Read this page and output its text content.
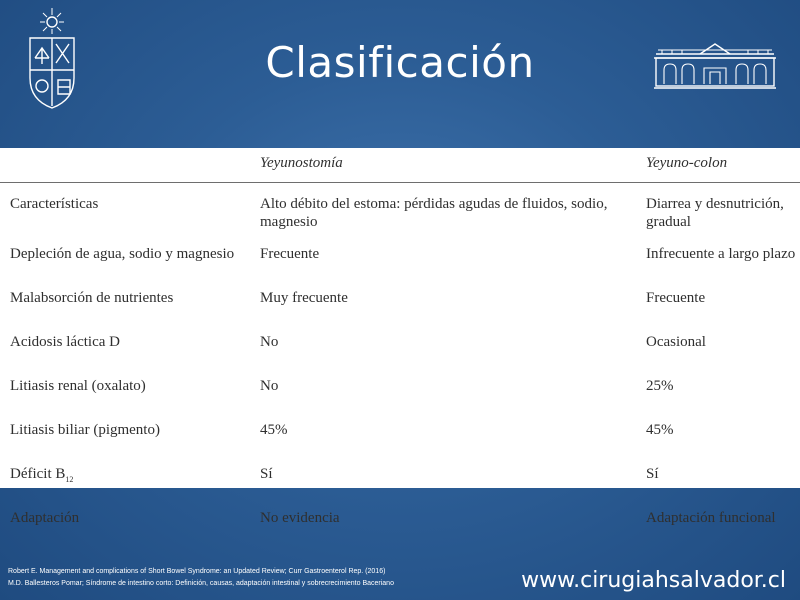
Clasificación
	Yeyunostomía	Yeyuno-colon
Características	Alto débito del estoma: pérdidas agudas de fluidos, sodio, magnesio	Diarrea y desnutrición, gradual
Depleción de agua, sodio y magnesio	Frecuente	Infrecuente a largo plazo
Malabsorción de nutrientes	Muy frecuente	Frecuente
Acidosis láctica D	No	Ocasional
Litiasis renal (oxalato)	No	25%
Litiasis biliar (pigmento)	45%	45%
Déficit $B_{12}$	Sí	Sí
Adaptación	No evidencia	Adaptación funcional
Robert E. Management and complications of Short Bowel Syndrome: an Updated Review; Curr Gastroenterol Rep. (2016)
M.D. Ballesteros Pomar; Síndrome de intestino corto: Definición, causas, adaptación intestinal y sobrecrecimiento Baceriano	www.cirugiahsalvador.cl
